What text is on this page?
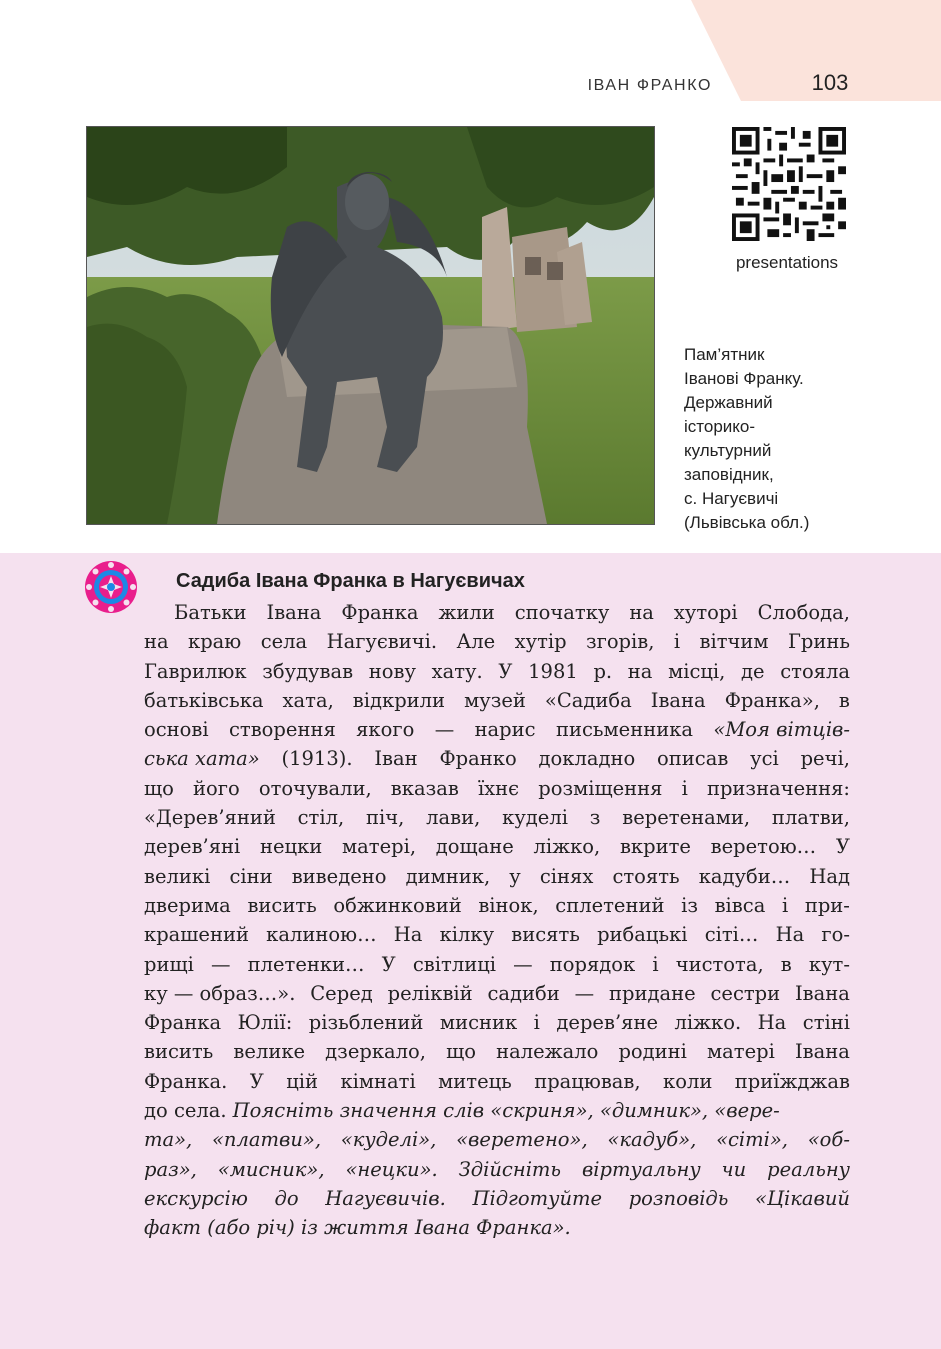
ІВАН ФРАНКО	103
presentations
Пам’ятник
Іванові Франку.
Державний
історико-
культурний
заповідник,
с. Нагуєвичі
(Львівська обл.)
Садиба Івана Франка в Нагуєвичах
Батьки Івана Франка жили спочатку на хуторі Слобода,
на краю села Нагуєвичі. Але хутір згорів, і вітчим Гринь
Гаврилюк збудував нову хату. У 1981 р. на місці, де стояла
батьківська хата, відкрили музей «Садиба Івана Франка», в
основі створення якого — нарис письменника «Моя вітців-
ська хата» (1913). Іван Франко докладно описав усі речі,
що його оточували, вказав їхнє розміщення і призначення:
«Дерев’яний стіл, піч, лави, куделі з веретенами, платви,
дерев’яні нецки матері, дощане ліжко, вкрите веретою… У
великі сіни виведено димник, у сінях стоять кадуби… Над
дверима висить обжинковий вінок, сплетений із вівса і при-
крашений калиною… На кілку висять рибацькі сіті… На го-
рищі — плетенки… У світлиці — порядок і чистота, в кут-
ку — образ…». Серед реліквій садиби — придане сестри Івана
Франка Юлії: різьблений мисник і дерев’яне ліжко. На стіні
висить велике дзеркало, що належало родині матері Івана
Франка. У цій кімнаті митець працював, коли приїжджав
до села. Поясніть значення слів «скриня», «димник», «вере-
та», «платви», «куделі», «веретено», «кадуб», «сіті», «об-
раз», «мисник», «нецки». Здійсніть віртуальну чи реальну
екскурсію до Нагуєвичів. Підготуйте розповідь «Цікавий
факт (або річ) із життя Івана Франка».
